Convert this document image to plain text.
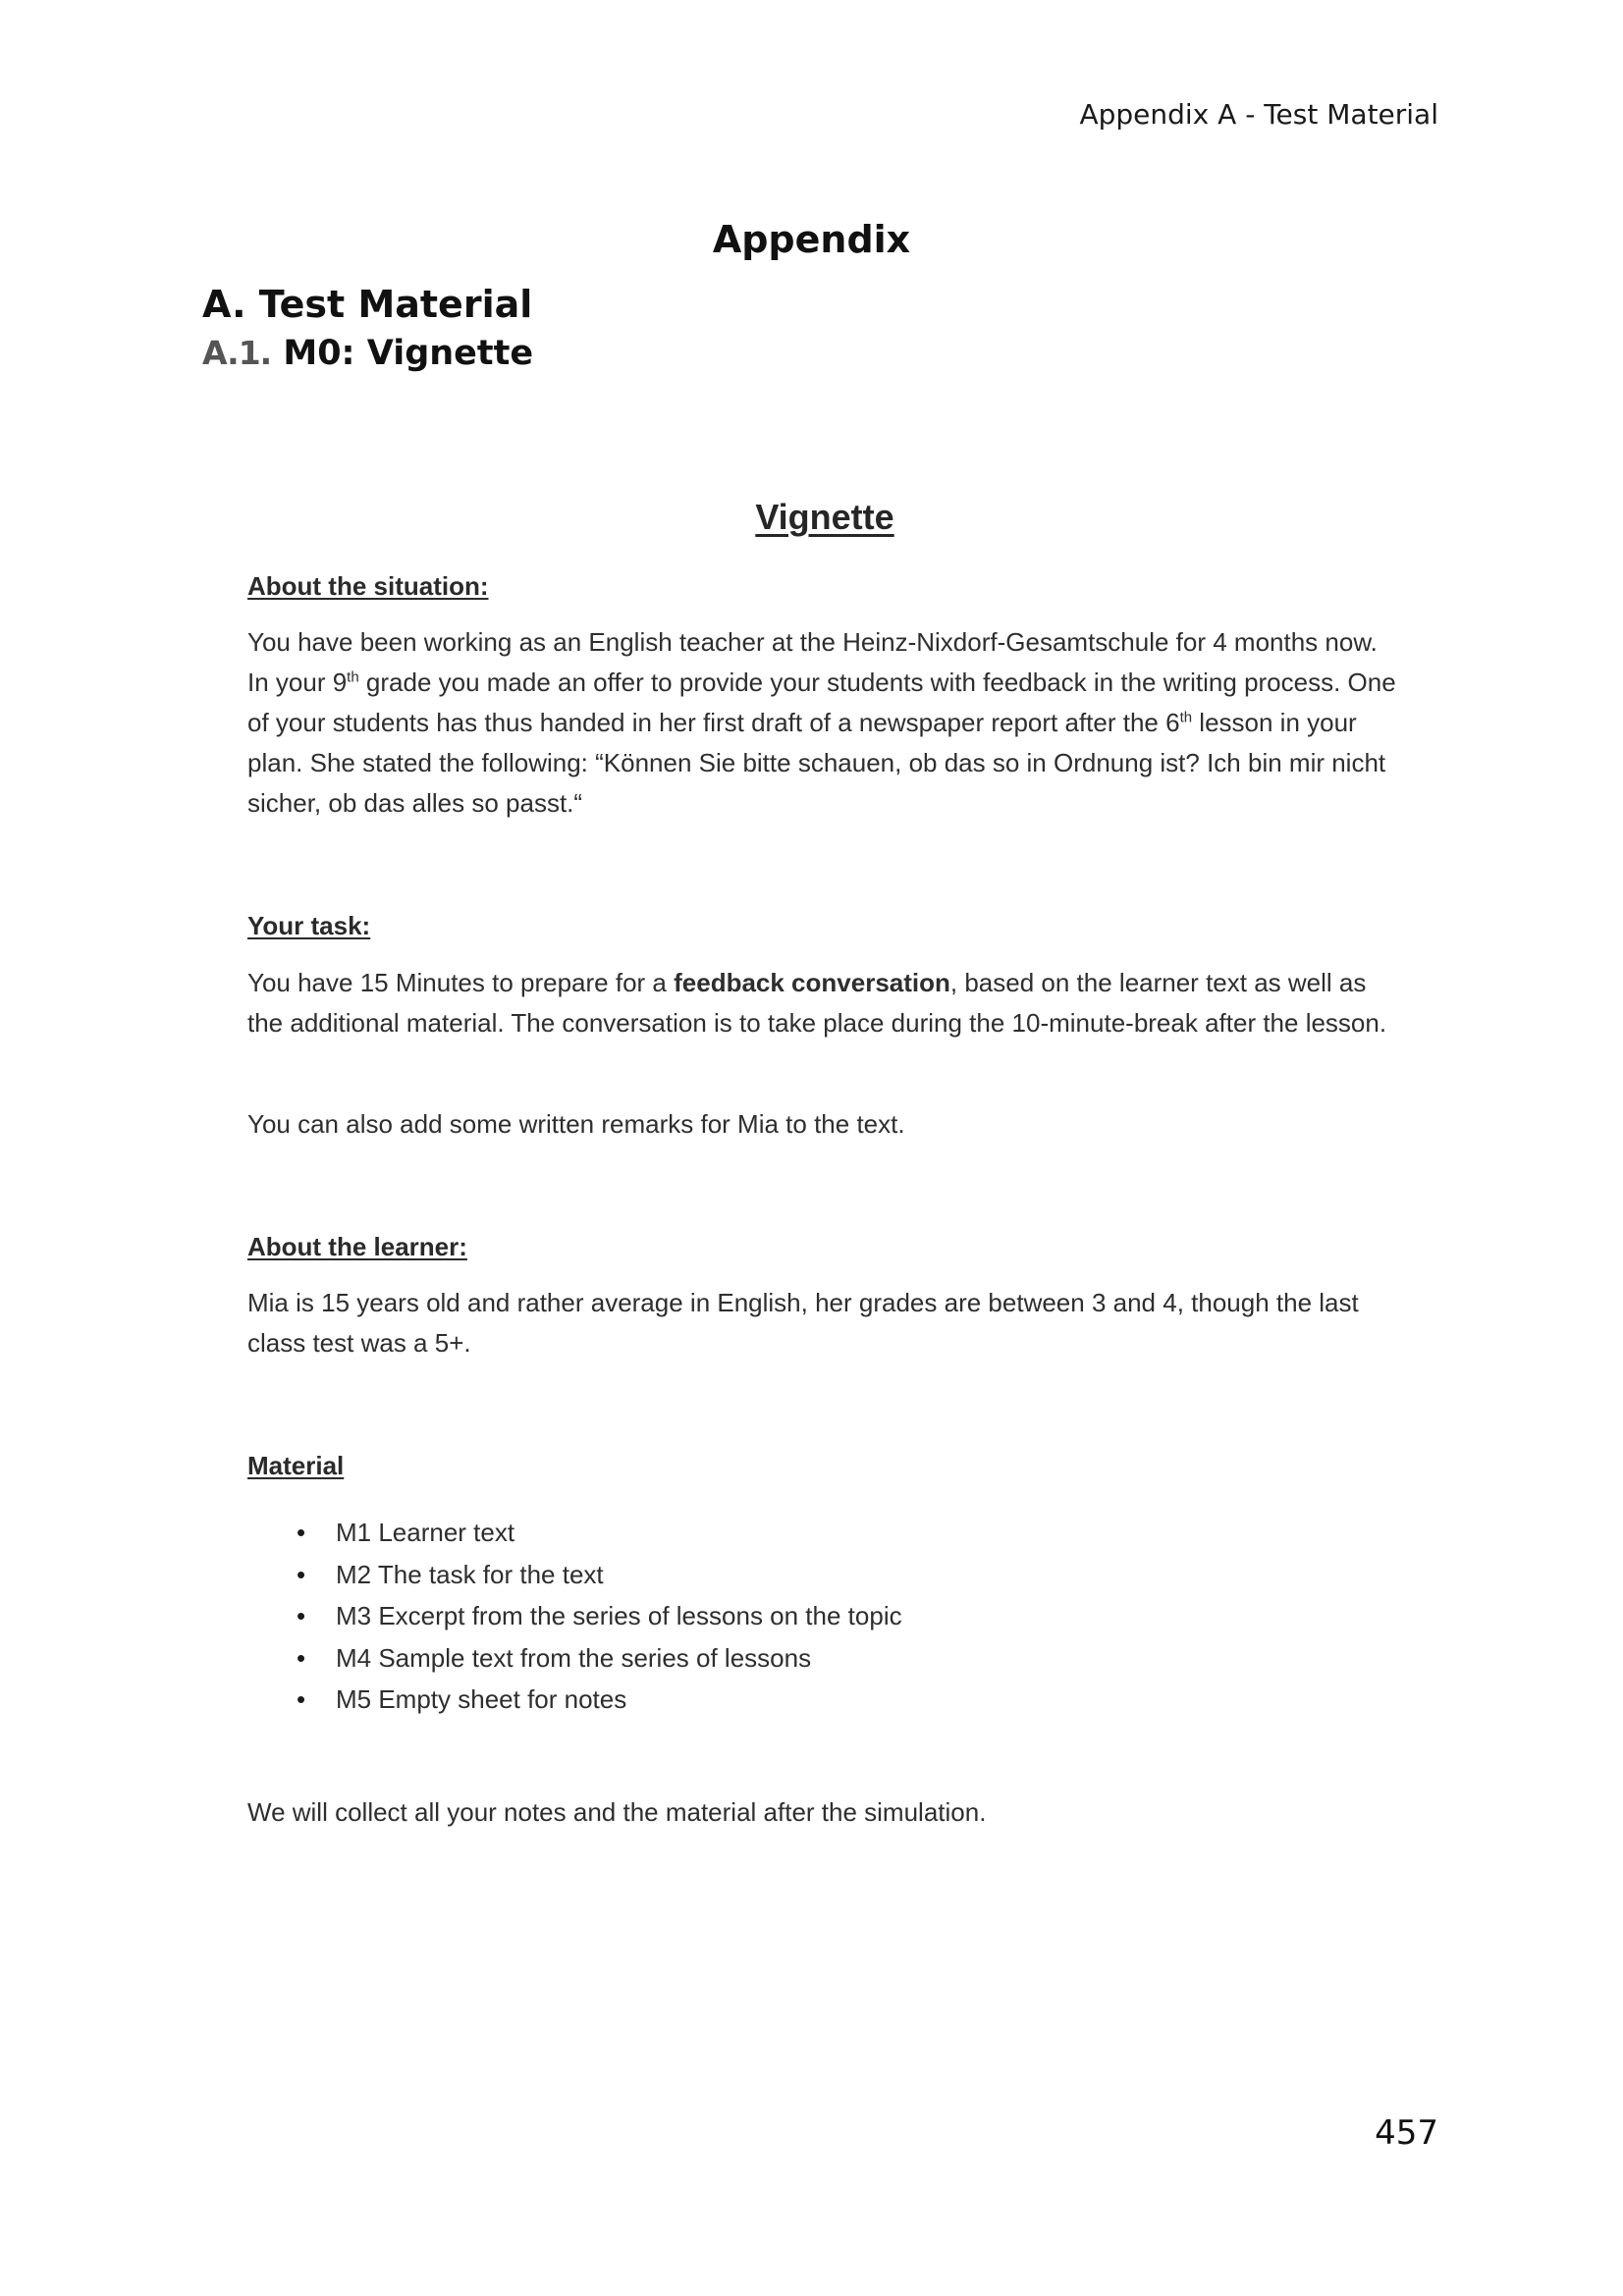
Appendix A - Test Material
Appendix
A. Test Material
A.1. M0: Vignette
Vignette
About the situation:

You have been working as an English teacher at the Heinz-Nixdorf-Gesamtschule for 4 months now. In your 9th grade you made an offer to provide your students with feedback in the writing process. One of your students has thus handed in her first draft of a newspaper report after the 6th lesson in your plan. She stated the following: “Können Sie bitte schauen, ob das so in Ordnung ist? Ich bin mir nicht sicher, ob das alles so passt.“

Your task:

You have 15 Minutes to prepare for a feedback conversation, based on the learner text as well as the additional material. The conversation is to take place during the 10-minute-break after the lesson.

You can also add some written remarks for Mia to the text.

About the learner:

Mia is 15 years old and rather average in English, her grades are between 3 and 4, though the last class test was a 5+.

Material
• M1 Learner text
• M2 The task for the text
• M3 Excerpt from the series of lessons on the topic
• M4 Sample text from the series of lessons
• M5 Empty sheet for notes

We will collect all your notes and the material after the simulation.

457
